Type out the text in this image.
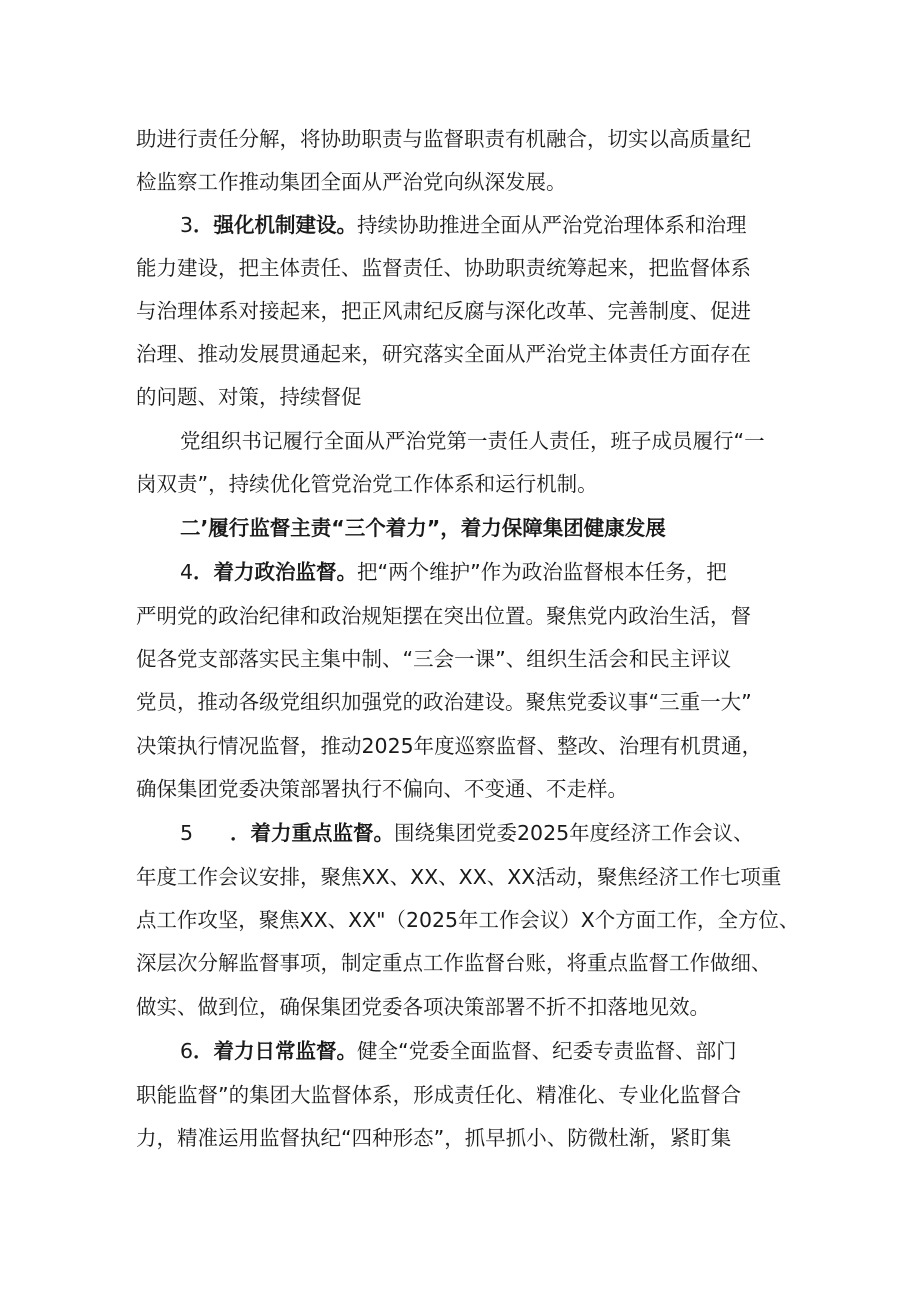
助进行责任分解，将协助职责与监督职责有机融合，切实以高质量纪
检监察工作推动集团全面从严治党向纵深发展。
3．强化机制建设。持续协助推进全面从严治党治理体系和治理
能力建设，把主体责任、监督责任、协助职责统筹起来，把监督体系
与治理体系对接起来，把正风肃纪反腐与深化改革、完善制度、促进
治理、推动发展贯通起来，研究落实全面从严治党主体责任方面存在
的问题、对策，持续督促
党组织书记履行全面从严治党第一责任人责任，班子成员履行“一
岗双责”，持续优化管党治党工作体系和运行机制。
二’履行监督主责“三个着力”，着力保障集团健康发展
4．着力政治监督。把“两个维护”作为政治监督根本任务，把
严明党的政治纪律和政治规矩摆在突出位置。聚焦党内政治生活，督
促各党支部落实民主集中制、“三会一课”、组织生活会和民主评议
党员，推动各级党组织加强党的政治建设。聚焦党委议事“三重一大”
决策执行情况监督，推动2025年度巡察监督、整改、治理有机贯通，
确保集团党委决策部署执行不偏向、不变通、不走样。
5 ．着力重点监督。围绕集团党委2025年度经济工作会议、
年度工作会议安排，聚焦XX、XX、XX、XX活动，聚焦经济工作七项重
点工作攻坚，聚焦XX、XX"（2025年工作会议）X个方面工作，全方位、
深层次分解监督事项，制定重点工作监督台账，将重点监督工作做细、
做实、做到位，确保集团党委各项决策部署不折不扣落地见效。
6．着力日常监督。健全“党委全面监督、纪委专责监督、部门
职能监督”的集团大监督体系，形成责任化、精准化、专业化监督合
力，精准运用监督执纪“四种形态”，抓早抓小、防微杜渐，紧盯集
